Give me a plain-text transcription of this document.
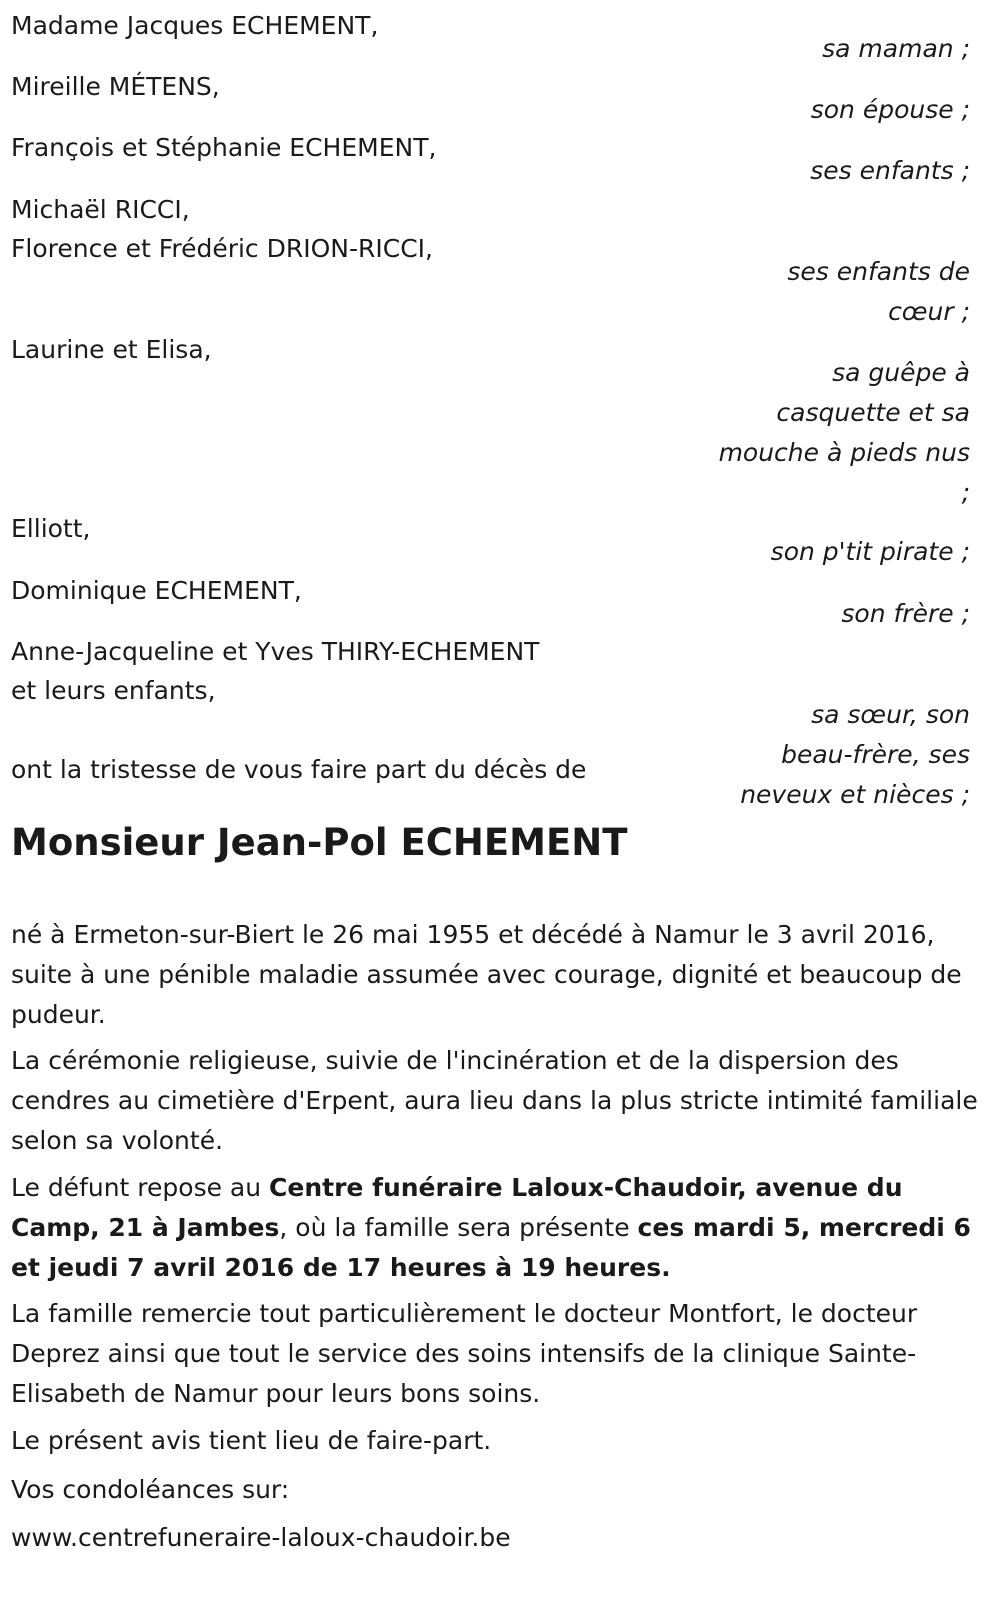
Madame Jacques ECHEMENT,
Mireille MÉTENS,
François et Stéphanie ECHEMENT,
Michaël RICCI,
Florence et Frédéric DRION-RICCI,
Laurine et Elisa,
Elliott,
Dominique ECHEMENT,
Anne-Jacqueline et Yves THIRY-ECHEMENT
et leurs enfants,
sa maman ;
son épouse ;
ses enfants ;
ses enfants de
cœur ;
sa guêpe à
casquette et sa
mouche à pieds nus
;
son p'tit pirate ;
son frère ;
sa sœur, son
beau-frère, ses
neveux et nièces ;
ont la tristesse de vous faire part du décès de
Monsieur Jean-Pol ECHEMENT
né à Ermeton-sur-Biert le 26 mai 1955 et décédé à Namur le 3 avril 2016, suite à une pénible maladie assumée avec courage, dignité et beaucoup de pudeur.
La cérémonie religieuse, suivie de l'incinération et de la dispersion des cendres au cimetière d'Erpent, aura lieu dans la plus stricte intimité familiale selon sa volonté.
Le défunt repose au Centre funéraire Laloux-Chaudoir, avenue du Camp, 21 à Jambes, où la famille sera présente ces mardi 5, mercredi 6 et jeudi 7 avril 2016 de 17 heures à 19 heures.
La famille remercie tout particulièrement le docteur Montfort, le docteur Deprez ainsi que tout le service des soins intensifs de la clinique Sainte-Elisabeth de Namur pour leurs bons soins.
Le présent avis tient lieu de faire-part.
Vos condoléances sur:
www.centrefuneraire-laloux-chaudoir.be
